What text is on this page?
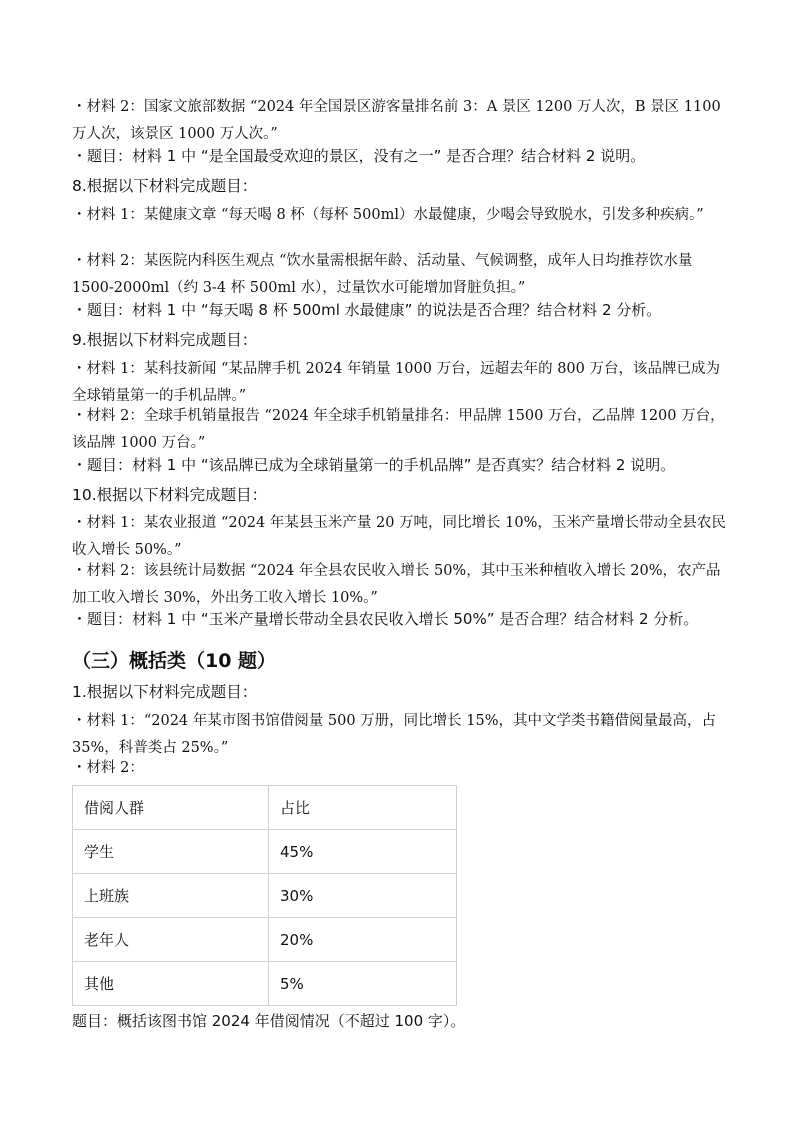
・材料 2：国家文旅部数据 “2024 年全国景区游客量排名前 3：A 景区 1200 万人次，B 景区 1100 万人次，该景区 1000 万人次。”

・题目：材料 1 中 “是全国最受欢迎的景区，没有之一” 是否合理？结合材料 2 说明。

8.根据以下材料完成题目：

・材料 1：某健康文章 “每天喝 8 杯（每杯 500ml）水最健康，少喝会导致脱水，引发多种疾病。”

・材料 2：某医院内科医生观点 “饮水量需根据年龄、活动量、气候调整，成年人日均推荐饮水量 1500-2000ml（约 3-4 杯 500ml 水），过量饮水可能增加肾脏负担。”

・题目：材料 1 中 “每天喝 8 杯 500ml 水最健康” 的说法是否合理？结合材料 2 分析。

9.根据以下材料完成题目：

・材料 1：某科技新闻 “某品牌手机 2024 年销量 1000 万台，远超去年的 800 万台，该品牌已成为全球销量第一的手机品牌。”

・材料 2：全球手机销量报告 “2024 年全球手机销量排名：甲品牌 1500 万台，乙品牌 1200 万台，该品牌 1000 万台。”

・题目：材料 1 中 “该品牌已成为全球销量第一的手机品牌” 是否真实？结合材料 2 说明。

10.根据以下材料完成题目：

・材料 1：某农业报道 “2024 年某县玉米产量 20 万吨，同比增长 10%，玉米产量增长带动全县农民收入增长 50%。”

・材料 2：该县统计局数据 “2024 年全县农民收入增长 50%，其中玉米种植收入增长 20%，农产品加工收入增长 30%，外出务工收入增长 10%。”

・题目：材料 1 中 “玉米产量增长带动全县农民收入增长 50%” 是否合理？结合材料 2 分析。

（三）概括类（10 题）

1.根据以下材料完成题目：

・材料 1：“2024 年某市图书馆借阅量 500 万册，同比增长 15%，其中文学类书籍借阅量最高，占 35%，科普类占 25%。”

・材料 2：

借阅人群	占比
学生	45%
上班族	30%
老年人	20%
其他	5%

题目：概括该图书馆 2024 年借阅情况（不超过 100 字）。
